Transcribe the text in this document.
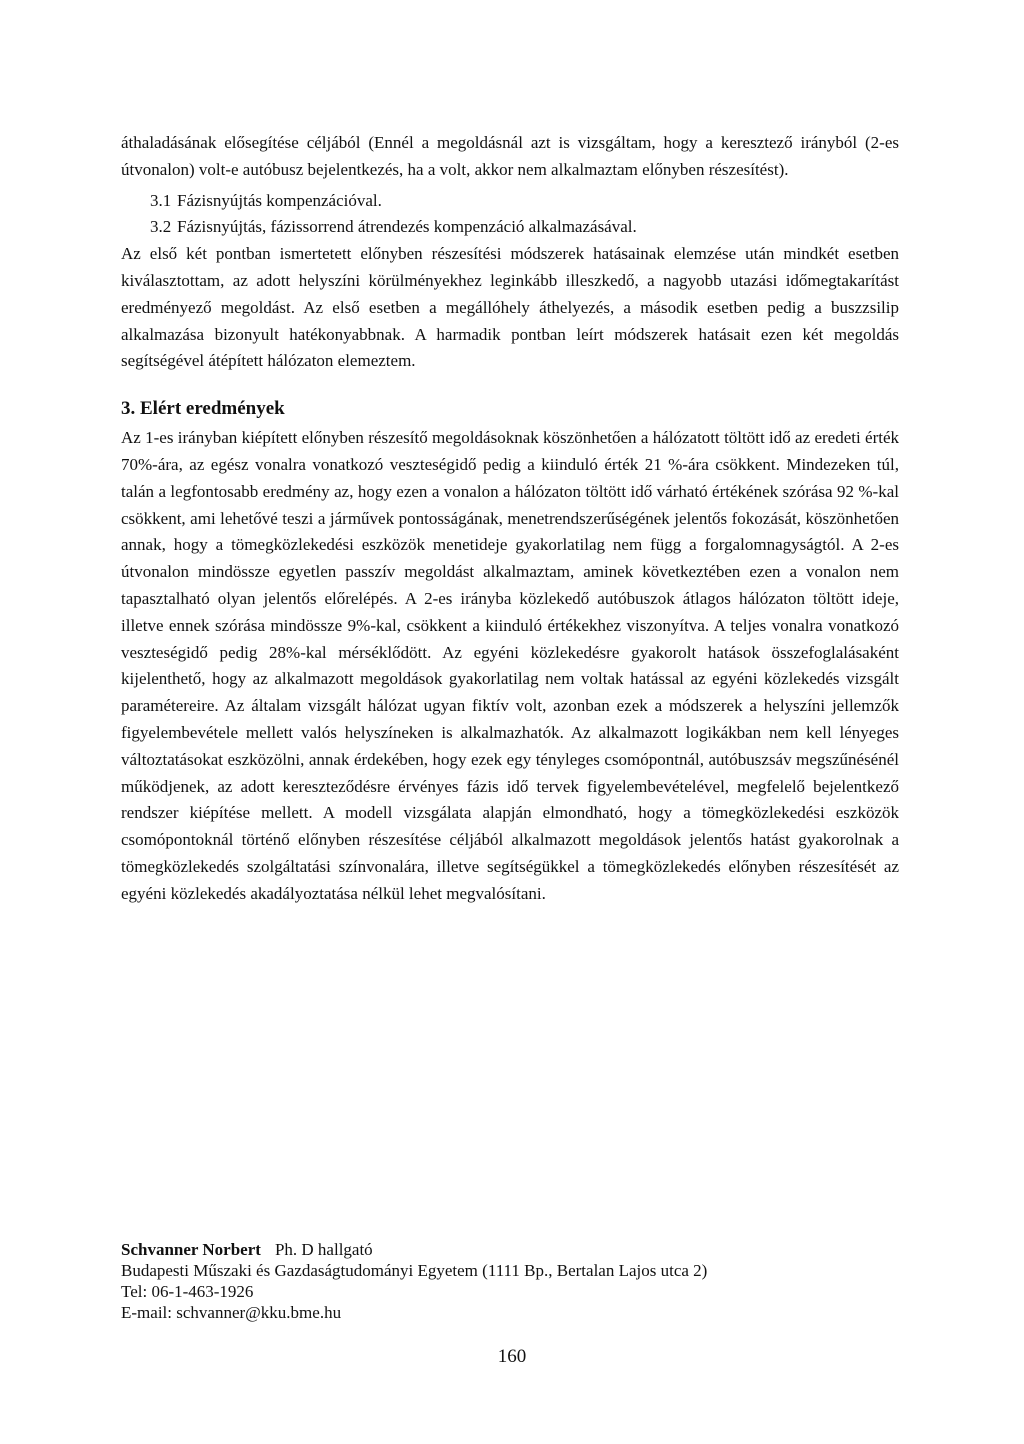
áthaladásának elősegítése céljából (Ennél a megoldásnál azt is vizsgáltam, hogy a keresztező irányból (2-es útvonalon) volt-e autóbusz bejelentkezés, ha a volt, akkor nem alkalmaztam előnyben részesítést).

3.1 Fázisnyújtás kompenzációval.
3.2 Fázisnyújtás, fázissorrend átrendezés kompenzáció alkalmazásával.

Az első két pontban ismertetett előnyben részesítési módszerek hatásainak elemzése után mindkét esetben kiválasztottam, az adott helyszíni körülményekhez leginkább illeszkedő, a nagyobb utazási időmegtakarítást eredményező megoldást. Az első esetben a megállóhely áthelyezés, a második esetben pedig a buszzsilip alkalmazása bizonyult hatékonyabbnak. A harmadik pontban leírt módszerek hatásait ezen két megoldás segítségével átépített hálózaton elemeztem.

3. Elért eredmények

Az 1-es irányban kiépített előnyben részesítő megoldásoknak köszönhetően a hálózatott töltött idő az eredeti érték 70%-ára, az egész vonalra vonatkozó veszteségidő pedig a kiinduló érték 21 %-ára csökkent. Mindezeken túl, talán a legfontosabb eredmény az, hogy ezen a vonalon a hálózaton töltött idő várható értékének szórása 92 %-kal csökkent, ami lehetővé teszi a járművek pontosságának, menetrendszerűségének jelentős fokozását, köszönhetően annak, hogy a tömegközlekedési eszközök menetideje gyakorlatilag nem függ a forgalomnagyságtól. A 2-es útvonalon mindössze egyetlen passzív megoldást alkalmaztam, aminek következtében ezen a vonalon nem tapasztalható olyan jelentős előrelépés. A 2-es irányba közlekedő autóbuszok átlagos hálózaton töltött ideje, illetve ennek szórása mindössze 9%-kal, csökkent a kiinduló értékekhez viszonyítva. A teljes vonalra vonatkozó veszteségidő pedig 28%-kal mérséklődött. Az egyéni közlekedésre gyakorolt hatások összefoglalásaként kijelenthető, hogy az alkalmazott megoldások gyakorlatilag nem voltak hatással az egyéni közlekedés vizsgált paramétereire. Az általam vizsgált hálózat ugyan fiktív volt, azonban ezek a módszerek a helyszíni jellemzők figyelembevétele mellett valós helyszíneken is alkalmazhatók. Az alkalmazott logikákban nem kell lényeges változtatásokat eszközölni, annak érdekében, hogy ezek egy tényleges csomópontnál, autóbuszsáv megszűnésénél működjenek, az adott kereszteződésre érvényes fázis idő tervek figyelembevételével, megfelelő bejelentkező rendszer kiépítése mellett. A modell vizsgálata alapján elmondható, hogy a tömegközlekedési eszközök csomópontoknál történő előnyben részesítése céljából alkalmazott megoldások jelentős hatást gyakorolnak a tömegközlekedés szolgáltatási színvonalára, illetve segítségükkel a tömegközlekedés előnyben részesítését az egyéni közlekedés akadályoztatása nélkül lehet megvalósítani.

Schvanner Norbert Ph. D hallgató
Budapesti Műszaki és Gazdaságtudományi Egyetem (1111 Bp., Bertalan Lajos utca 2)
Tel: 06-1-463-1926
E-mail: schvanner@kku.bme.hu
160
